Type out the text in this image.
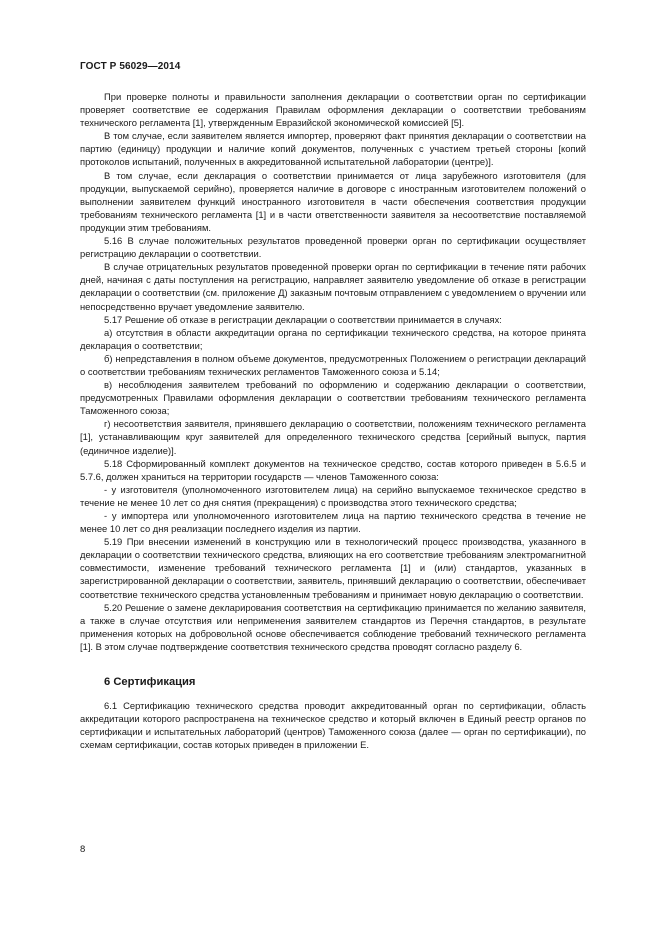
ГОСТ Р 56029—2014

При проверке полноты и правильности заполнения декларации о соответствии орган по сертификации проверяет соответствие ее содержания Правилам оформления декларации о соответствии требованиям технического регламента [1], утвержденным Евразийской экономической комиссией [5].

В том случае, если заявителем является импортер, проверяют факт принятия декларации о соответствии на партию (единицу) продукции и наличие копий документов, полученных с участием третьей стороны [копий протоколов испытаний, полученных в аккредитованной испытательной лаборатории (центре)].

В том случае, если декларация о соответствии принимается от лица зарубежного изготовителя (для продукции, выпускаемой серийно), проверяется наличие в договоре с иностранным изготовителем положений о выполнении заявителем функций иностранного изготовителя в части обеспечения соответствия продукции требованиям технического регламента [1] и в части ответственности заявителя за несоответствие поставляемой продукции этим требованиям.

5.16 В случае положительных результатов проведенной проверки орган по сертификации осуществляет регистрацию декларации о соответствии.

В случае отрицательных результатов проведенной проверки орган по сертификации в течение пяти рабочих дней, начиная с даты поступления на регистрацию, направляет заявителю уведомление об отказе в регистрации декларации о соответствии (см. приложение Д) заказным почтовым отправлением с уведомлением о вручении или непосредственно вручает уведомление заявителю.

5.17 Решение об отказе в регистрации декларации о соответствии принимается в случаях:

а) отсутствия в области аккредитации органа по сертификации технического средства, на которое принята декларация о соответствии;

б) непредставления в полном объеме документов, предусмотренных Положением о регистрации деклараций о соответствии требованиям технических регламентов Таможенного союза и 5.14;

в) несоблюдения заявителем требований по оформлению и содержанию декларации о соответствии, предусмотренных Правилами оформления декларации о соответствии требованиям технического регламента Таможенного союза;

г) несоответствия заявителя, принявшего декларацию о соответствии, положениям технического регламента [1], устанавливающим круг заявителей для определенного технического средства [серийный выпуск, партия (единичное изделие)].

5.18 Сформированный комплект документов на техническое средство, состав которого приведен в 5.6.5 и 5.7.6, должен храниться на территории государств — членов Таможенного союза:

- у изготовителя (уполномоченного изготовителем лица) на серийно выпускаемое техническое средство в течение не менее 10 лет со дня снятия (прекращения) с производства этого технического средства;

- у импортера или уполномоченного изготовителем лица на партию технического средства в течение не менее 10 лет со дня реализации последнего изделия из партии.

5.19 При внесении изменений в конструкцию или в технологический процесс производства, указанного в декларации о соответствии технического средства, влияющих на его соответствие требованиям электромагнитной совместимости, изменение требований технического регламента [1] и (или) стандартов, указанных в зарегистрированной декларации о соответствии, заявитель, принявший декларацию о соответствии, обеспечивает соответствие технического средства установленным требованиям и принимает новую декларацию о соответствии.

5.20 Решение о замене декларирования соответствия на сертификацию принимается по желанию заявителя, а также в случае отсутствия или неприменения заявителем стандартов из Перечня стандартов, в результате применения которых на добровольной основе обеспечивается соблюдение требований технического регламента [1]. В этом случае подтверждение соответствия технического средства проводят согласно разделу 6.

6 Сертификация

6.1 Сертификацию технического средства проводит аккредитованный орган по сертификации, область аккредитации которого распространена на техническое средство и который включен в Единый реестр органов по сертификации и испытательных лабораторий (центров) Таможенного союза (далее — орган по сертификации), по схемам сертификации, состав которых приведен в приложении Е.

8
